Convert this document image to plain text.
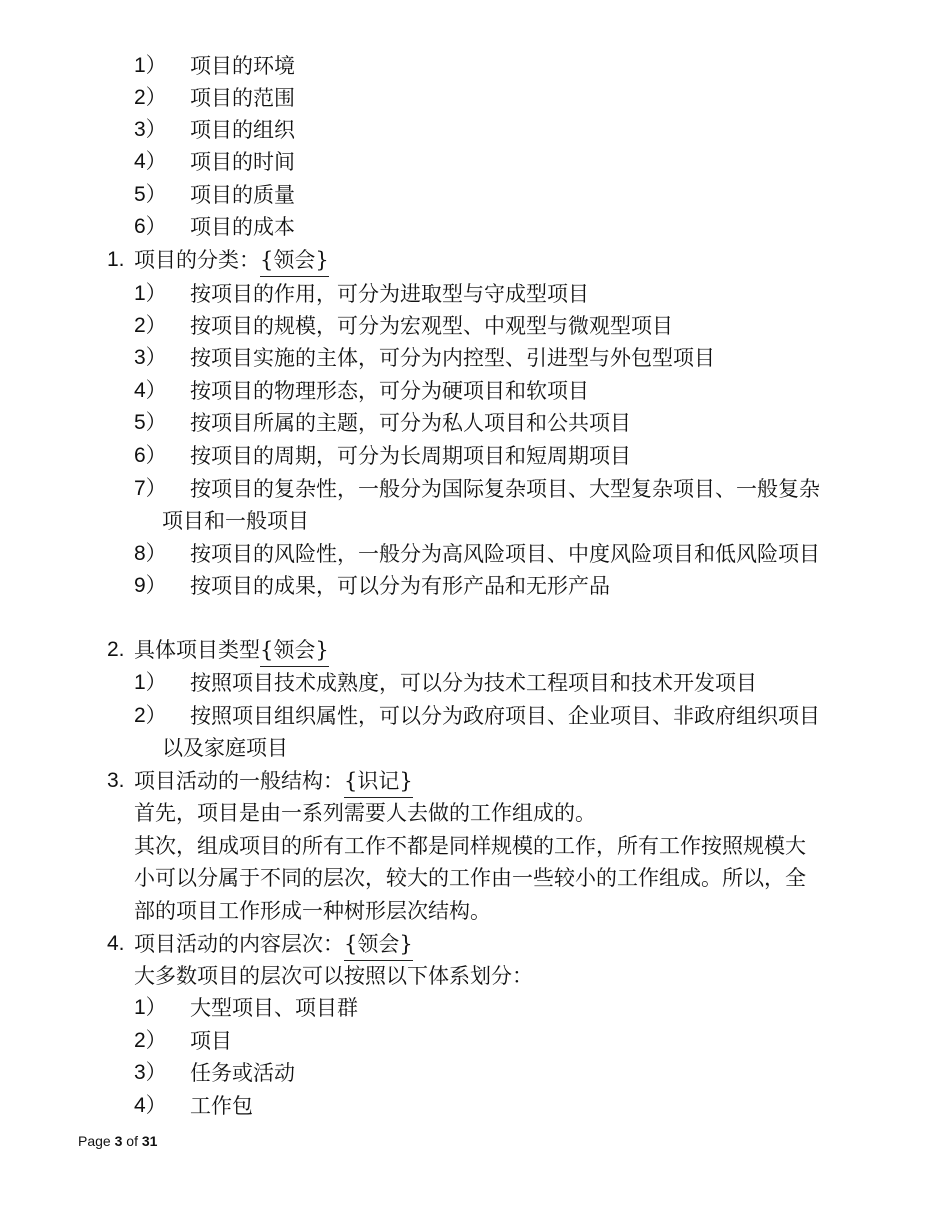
1）	项目的环境
2）	项目的范围
3）	项目的组织
4）	项目的时间
5）	项目的质量
6）	项目的成本
1. 项目的分类：{领会}
1）	按项目的作用，可分为进取型与守成型项目
2）	按项目的规模，可分为宏观型、中观型与微观型项目
3）	按项目实施的主体，可分为内控型、引进型与外包型项目
4）	按项目的物理形态，可分为硬项目和软项目
5）	按项目所属的主题，可分为私人项目和公共项目
6）	按项目的周期，可分为长周期项目和短周期项目
7）	按项目的复杂性，一般分为国际复杂项目、大型复杂项目、一般复杂
项目和一般项目
8）	按项目的风险性，一般分为高风险项目、中度风险项目和低风险项目
9）	按项目的成果，可以分为有形产品和无形产品
2. 具体项目类型{领会}
1）	按照项目技术成熟度，可以分为技术工程项目和技术开发项目
2）	按照项目组织属性，可以分为政府项目、企业项目、非政府组织项目
以及家庭项目
3. 项目活动的一般结构：{识记}
首先，项目是由一系列需要人去做的工作组成的。
其次，组成项目的所有工作不都是同样规模的工作，所有工作按照规模大
小可以分属于不同的层次，较大的工作由一些较小的工作组成。所以，全
部的项目工作形成一种树形层次结构。
4. 项目活动的内容层次：{领会}
大多数项目的层次可以按照以下体系划分：
1）	大型项目、项目群
2）	项目
3）	任务或活动
4）	工作包
Page 3 of 31
